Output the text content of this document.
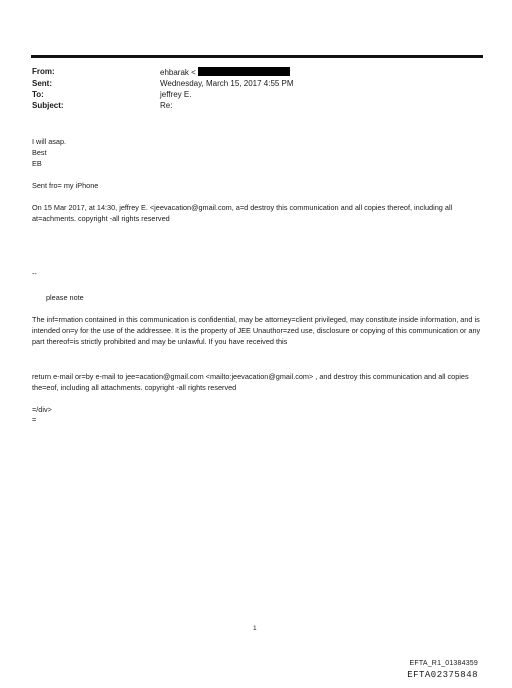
From:	ehbarak <
Sent:	Wednesday, March 15, 2017 4:55 PM
To:	jeffrey E.
Subject:	Re:
I will asap.
Best
EB
Sent fro= my iPhone
On 15 Mar 2017, at 14:30, jeffrey E. <jeevacation@gmail.com, a=d destroy this communication and all copies thereof, including all at=achments. copyright -all rights reserved
--
please note
The inf=rmation contained in this communication is confidential, may be attorney=client privileged, may constitute inside information, and is intended on=y for the use of the addressee. It is the property of JEE Unauthor=zed use, disclosure or copying of this communication or any part thereof=is strictly prohibited and may be unlawful. If you have received this
return e-mail or=by e-mail to jee=acation@gmail.com <mailto:jeevacation@gmail.com> , and destroy this communication and all copies the=eof, including all attachments. copyright -all rights reserved
=/div>
=
1
EFTA_R1_01384359
EFTA02375848
